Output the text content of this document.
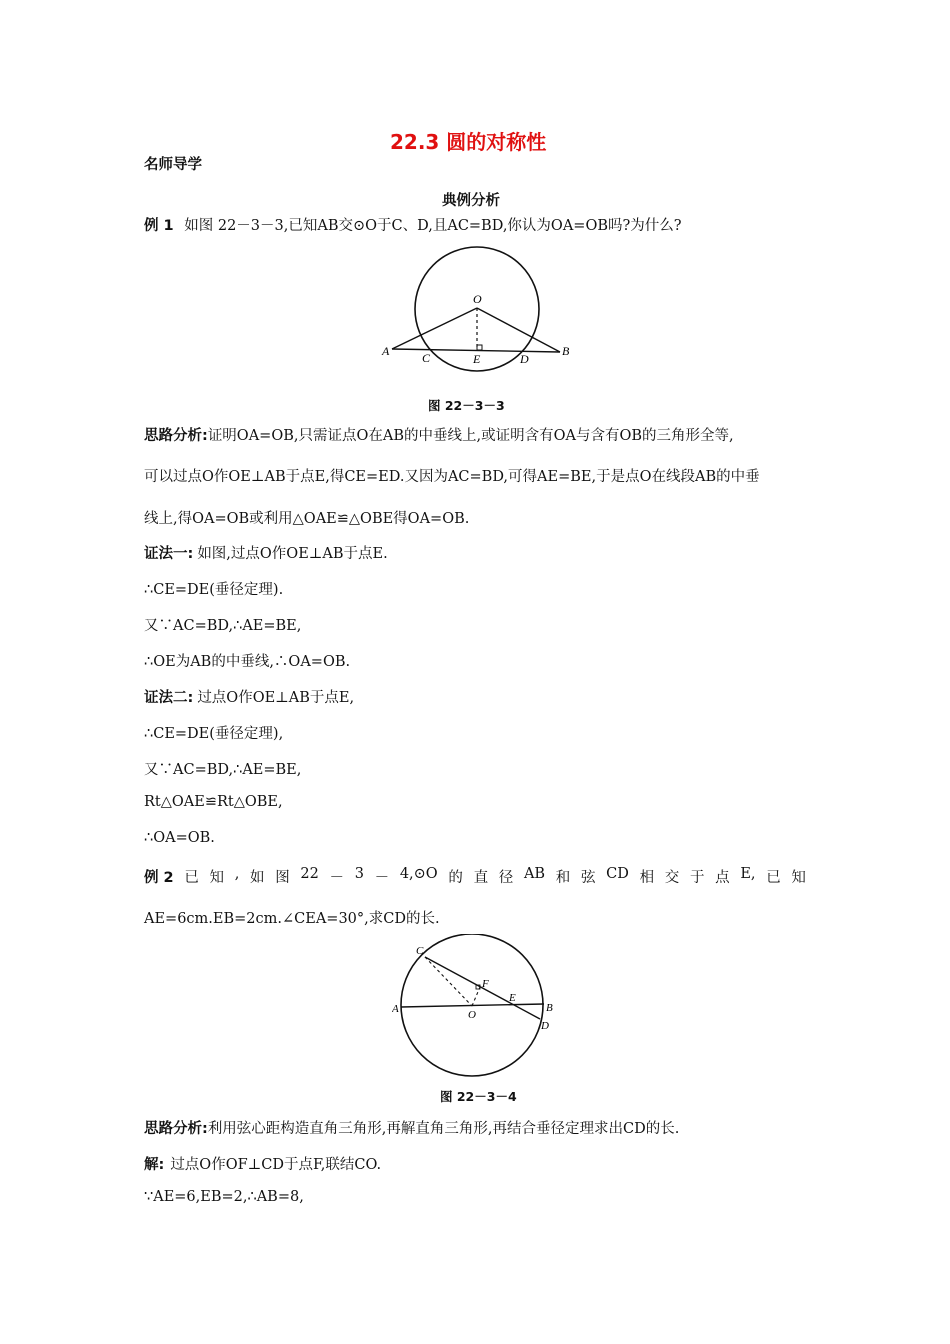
22.3 圆的对称性
名师导学
典例分析
例 1 如图 22－3－3,已知AB交⊙O于C、D,且AC=BD,你认为OA=OB吗?为什么?
O
A	C	E	D
B
图 22－3－3
思路分析:证明OA=OB,只需证点O在AB的中垂线上,或证明含有OA与含有OB的三角形全等,
可以过点O作OE⊥AB于点E,得CE=ED.又因为AC=BD,可得AE=BE,于是点O在线段AB的中垂
线上,得OA=OB或利用△OAE≌△OBE得OA=OB.
证法一: 如图,过点O作OE⊥AB于点E.
∴CE=DE(垂径定理).
又∵AC=BD,∴AE=BE,
∴OE为AB的中垂线,∴OA=OB.
证法二: 过点O作OE⊥AB于点E,
∴CE=DE(垂径定理),
又∵AC=BD,∴AE=BE,
Rt△OAE≌Rt△OBE,
∴OA=OB.
例 2 已 知 , 如 图 22 － 3 － 4,⊙O 的 直 径 AB 和 弦 CD 相 交 于 点 E, 已 知
AE=6cm.EB=2cm.∠CEA=30°,求CD的长.
C
F
E
B
A	O
D
图 22－3－4
思路分析:利用弦心距构造直角三角形,再解直角三角形,再结合垂径定理求出CD的长.
解: 过点O作OF⊥CD于点F,联结CO.
∵AE=6,EB=2,∴AB=8,
